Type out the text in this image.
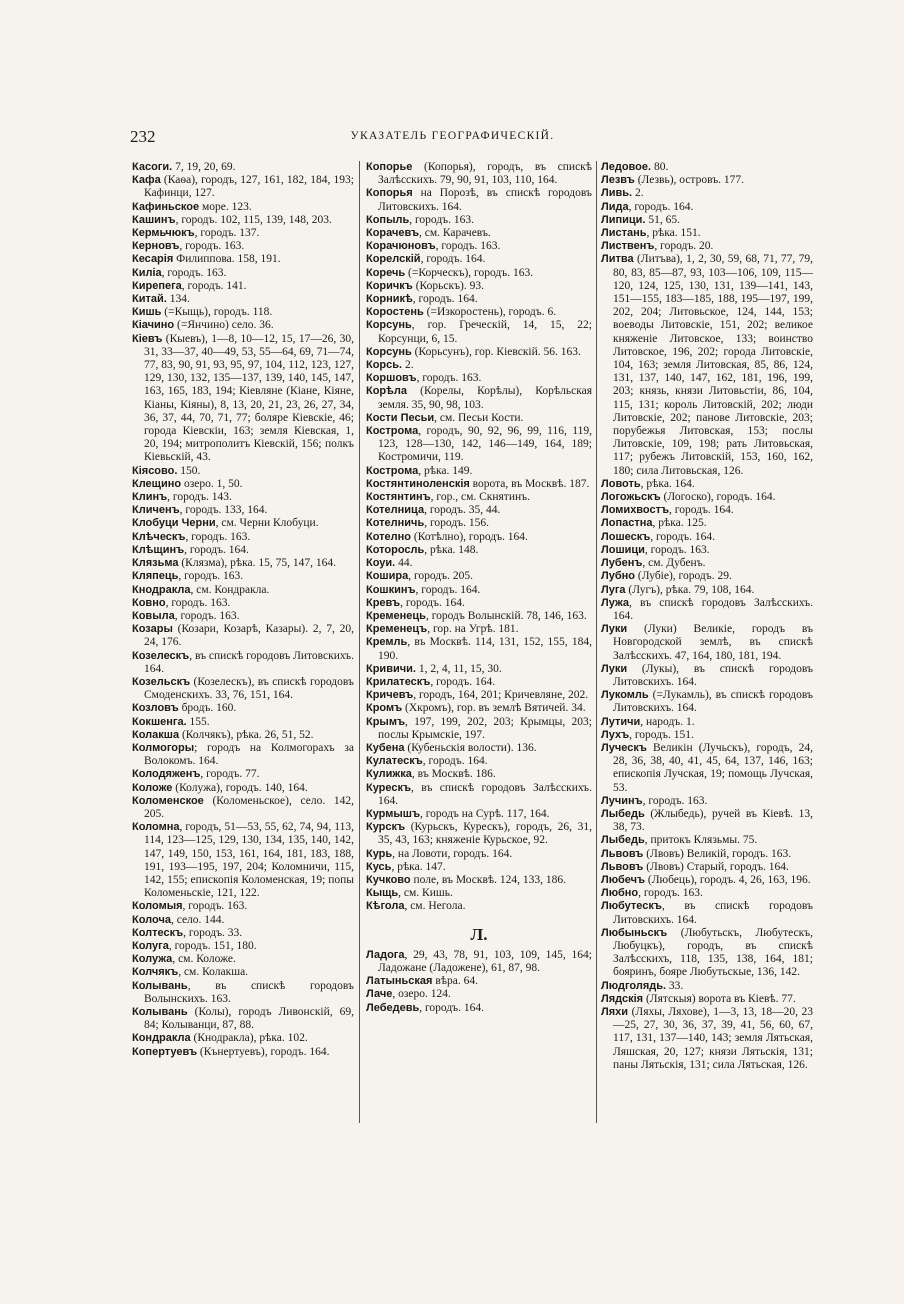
232	УКАЗАТЕЛЬ ГЕОГРАФИЧЕСКІЙ.
Касоги. 7, 19, 20, 69.
Кафа (Каѳа), городъ, 127, 161, 182, 184, 193; Кафинци, 127.
Кафиньское море. 123.
Кашинъ, городъ. 102, 115, 139, 148, 203.
Кермьчюкъ, городъ. 137.
Керновъ, городъ. 163.
Кесарія Филиппова. 158, 191.
Киліа, городъ. 163.
Кирепега, городъ. 141.
Китай. 134.
Кишь (=Кыщь), городъ. 118.
Кіачино (=Янчино) село. 36.
Кіевъ (Кыевъ), 1—8, 10—12, 15, 17—26, 30, 31, 33—37, 40—49, 53, 55—64, 69, 71—74, 77, 83, 90, 91, 93, 95, 97, 104, 112, 123, 127, 129, 130, 132, 135—137, 139, 140, 145, 147, 163, 165, 183, 194; Кіевляне (Кіане, Кіяне, Кіаны, Кіяны), 8, 13, 20, 21, 23, 26, 27, 34, 36, 37, 44, 70, 71, 77; боляре Кіевскіе, 46; города Кіевскіи, 163; земля Кіевская, 1, 20, 194; митрополитъ Кіевскій, 156; полкъ Кіевьскій, 43.
Кіясово. 150.
Клещино озеро. 1, 50.
Клинъ, городъ. 143.
Кличенъ, городъ. 133, 164.
Клобуци Черни, см. Черни Клобуци.
Клѣческъ, городъ. 163.
Клѣщинъ, городъ. 164.
Клязьма (Клязма), рѣка. 15, 75, 147, 164.
Кляпець, городъ. 163.
Кнодракла, см. Кондракла.
Ковно, городъ. 163.
Ковыла, городъ. 163.
Козары (Козари, Козарѣ, Казары). 2, 7, 20, 24, 176.
Козелескъ, въ спискѣ городовъ Литовскихъ. 164.
Козельскъ (Козелескъ), въ спискѣ городовъ Смоденскихъ. 33, 76, 151, 164.
Козловъ бродъ. 160.
Кокшенга. 155.
Колакша (Колчякъ), рѣка. 26, 51, 52.
Колмогоры; городъ на Колмогорахъ за Волокомъ. 164.
Колодяженъ, городъ. 77.
Коложе (Колужа), городъ. 140, 164.
Коломенское (Коломеньское), село. 142, 205.
Коломна, городъ, 51—53, 55, 62, 74, 94, 113, 114, 123—125, 129, 130, 134, 135, 140, 142, 147, 149, 150, 153, 161, 164, 181, 183, 188, 191, 193—195, 197, 204; Коломничи, 115, 142, 155; епископія Коломенская, 19; попы Коломеньскіе, 121, 122.
Коломыя, городъ. 163.
Колоча, село. 144.
Колтескъ, городъ. 33.
Колуга, городъ. 151, 180.
Колужа, см. Коложе.
Колчякъ, см. Колакша.
Колывань, въ спискѣ городовъ Волынскихъ. 163.
Колывань (Колы), городъ Ливонскій, 69, 84; Колыванци, 87, 88.
Кондракла (Кнодракла), рѣка. 102.
Копертуевъ (Кънертуевъ), городъ. 164.
Копорье (Копорья), городъ, въ спискѣ Залѣсскихъ. 79, 90, 91, 103, 110, 164.
Копорья на Порозѣ, въ спискѣ городовъ Литовскихъ. 164.
Копыль, городъ. 163.
Корачевъ, см. Карачевъ.
Корачюновъ, городъ. 163.
Корелскій, городъ. 164.
Коречь (=Корческъ), городъ. 163.
Коричкъ (Корьскъ). 93.
Корникѣ, городъ. 164.
Коростень (=Изкоростень), городъ. 6.
Корсунь, гор. Греческій, 14, 15, 22; Корсунци, 6, 15.
Корсунь (Корьсунъ), гор. Кіевскій. 56. 163.
Корсь. 2.
Коршовъ, городъ. 163.
Корѣла (Корелы, Корѣлы), Корѣльская земля. 35, 90, 98, 103.
Кости Песьи, см. Песьи Кости.
Кострома, городъ, 90, 92, 96, 99, 116, 119, 123, 128—130, 142, 146—149, 164, 189; Костромичи, 119.
Кострома, рѣка. 149.
Костянтиноленскія ворота, въ Москвѣ. 187.
Костянтинъ, гор., см. Скнятинъ.
Котелница, городъ. 35, 44.
Котелничь, городъ. 156.
Котелно (Котѣлно), городъ. 164.
Которосль, рѣка. 148.
Коуи. 44.
Кошира, городъ. 205.
Кошкинъ, городъ. 164.
Кревъ, городъ. 164.
Кременець, городъ Волынскій. 78, 146, 163.
Кременецъ, гор. на Угрѣ. 181.
Кремль, въ Москвѣ. 114, 131, 152, 155, 184, 190.
Кривичи. 1, 2, 4, 11, 15, 30.
Крилатескъ, городъ. 164.
Кричевъ, городъ, 164, 201; Кричевляне, 202.
Кромъ (Хкромъ), гор. въ землѣ Вятичей. 34.
Крымъ, 197, 199, 202, 203; Крымцы, 203; послы Крымскіе, 197.
Кубена (Кубеньскія волости). 136.
Кулатескъ, городъ. 164.
Кулижка, въ Москвѣ. 186.
Курескъ, въ спискѣ городовъ Залѣсскихъ. 164.
Курмышъ, городъ на Сурѣ. 117, 164.
Курскъ (Курьскъ, Курескъ), городъ, 26, 31, 35, 43, 163; княженіе Курьское, 92.
Курь, на Ловоти, городъ. 164.
Кусь, рѣка. 147.
Кучково поле, въ Москвѣ. 124, 133, 186.
Кыщь, см. Кишь.
Кѣгола, см. Негола.
Л.
Ладога, 29, 43, 78, 91, 103, 109, 145, 164; Ладожане (Ладожене), 61, 87, 98.
Латыньская вѣра. 64.
Лаче, озеро. 124.
Лебедевь, городъ. 164.
Ледовое. 80.
Лезвъ (Лезвь), островъ. 177.
Ливь. 2.
Лида, городъ. 164.
Липици. 51, 65.
Листань, рѣка. 151.
Лиственъ, городъ. 20.
Литва (Литъва), 1, 2, 30, 59, 68, 71, 77, 79, 80, 83, 85—87, 93, 103—106, 109, 115—120, 124, 125, 130, 131, 139—141, 143, 151—155, 183—185, 188, 195—197, 199, 202, 204; Литовьское, 124, 144, 153; воеводы Литовскіе, 151, 202; великое княженіе Литовское, 133; воинство Литовское, 196, 202; города Литовскіе, 104, 163; земля Литовская, 85, 86, 124, 131, 137, 140, 147, 162, 181, 196, 199, 203; князь, князи Литовьстіи, 86, 104, 115, 131; король Литовскій, 202; люди Литовскіе, 202; панове Литовскіе, 203; порубежья Литовская, 153; послы Литовскіе, 109, 198; рать Литовьская, 117; рубежъ Литовскій, 153, 160, 162, 180; сила Литовьская, 126.
Ловоть, рѣка. 164.
Логожьскъ (Логоско), городъ. 164.
Ломихвостъ, городъ. 164.
Лопастна, рѣка. 125.
Лошескъ, городъ. 164.
Лошици, городъ. 163.
Лубенъ, см. Дубенъ.
Лубно (Лубіе), городъ. 29.
Луга (Лугъ), рѣка. 79, 108, 164.
Лужа, въ спискѣ городовъ Залѣсскихъ. 164.
Луки (Луки) Великіе, городъ въ Новгородской землѣ, въ спискѣ Залѣсскихъ. 47, 164, 180, 181, 194.
Луки (Лукы), въ спискѣ городовъ Литовскихъ. 164.
Лукомль (=Лукамль), въ спискѣ городовъ Литовскихъ. 164.
Лутичи, народъ. 1.
Лухъ, городъ. 151.
Луческъ Великін (Лучьскъ), городъ, 24, 28, 36, 38, 40, 41, 45, 64, 137, 146, 163; епископія Лучская, 19; помощь Лучская, 53.
Лучинъ, городъ. 163.
Лыбедь (Жлыбедь), ручей въ Кіевѣ. 13, 38, 73.
Лыбедь, притокъ Клязьмы. 75.
Львовъ (Лвовъ) Великій, городъ. 163.
Львовъ (Лвовъ) Старый, городъ. 164.
Любечъ (Любець), городъ. 4, 26, 163, 196.
Любно, городъ. 163.
Любутескъ, въ спискѣ городовъ Литовскихъ. 164.
Любыньскъ (Любутьскъ, Любутескъ, Любуцкъ), городъ, въ спискѣ Залѣсскихъ, 118, 135, 138, 164, 181; бояринъ, бояре Любутьскые, 136, 142.
Людголядь. 33.
Лядскія (Лятскыя) ворота въ Кіевѣ. 77.
Ляхи (Ляхы, Ляхове), 1—3, 13, 18—20, 23—25, 27, 30, 36, 37, 39, 41, 56, 60, 67, 117, 131, 137—140, 143; земля Лятьская, Ляшская, 20, 127; князи Лятьскія, 131; паны Лятьскія, 131; сила Лятьская, 126.
